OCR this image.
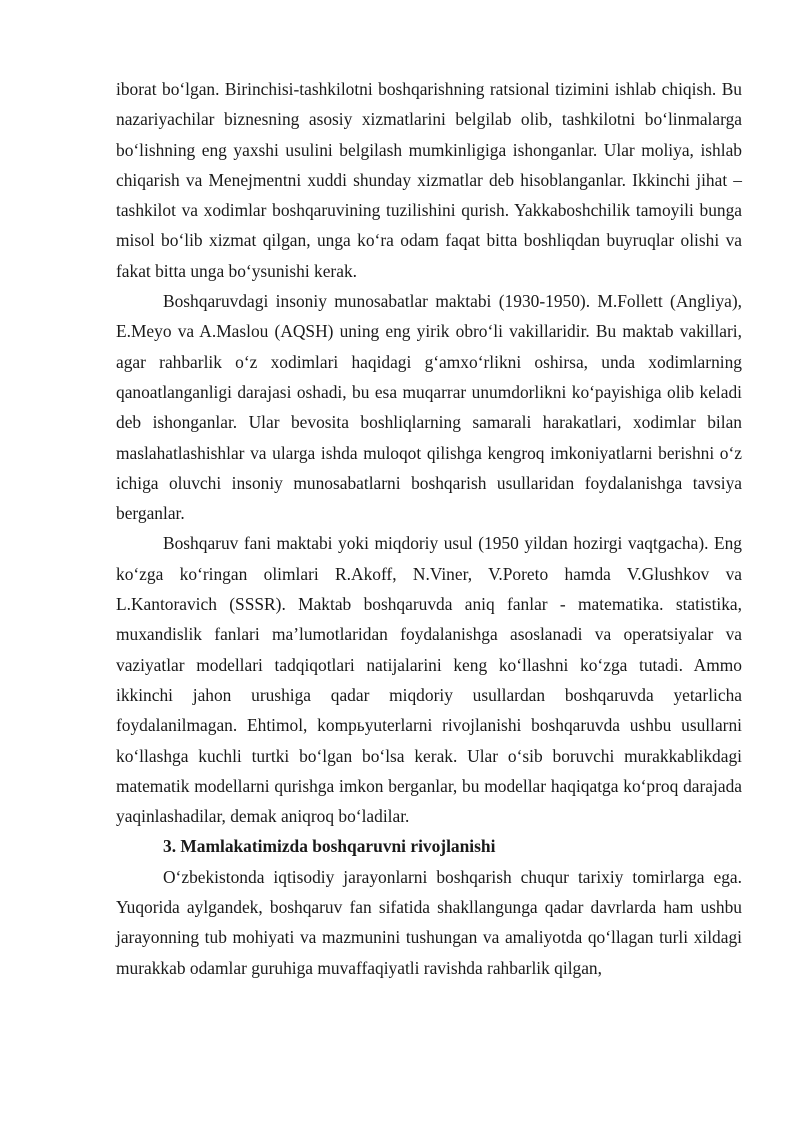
iborat boʻlgan. Birinchisi-tashkilotni boshqarishning ratsional tizimini ishlab chiqish. Bu nazariyachilar biznesning asosiy xizmatlarini belgilab olib, tashkilotni boʻlinmalarga boʻlishning eng yaxshi usulini belgilash mumkinligiga ishonganlar. Ular moliya, ishlab chiqarish va Menejmentni xuddi shunday xizmatlar deb hisoblanganlar. Ikkinchi jihat – tashkilot va xodimlar boshqaruvining tuzilishini qurish. Yakkaboshchilik tamoyili bunga misol boʻlib xizmat qilgan, unga koʻra odam faqat bitta boshliqdan buyruqlar olishi va fakat bitta unga boʻysunishi kerak.

Boshqaruvdagi insoniy munosabatlar maktabi (1930-1950). M.Follett (Angliya), E.Meyo va A.Maslou (AQSH) uning eng yirik obroʻli vakillaridir. Bu maktab vakillari, agar rahbarlik oʻz xodimlari haqidagi gʻamxoʻrlikni oshirsa, unda xodimlarning qanoatlanganligi darajasi oshadi, bu esa muqarrar unumdorlikni koʻpayishiga olib keladi deb ishonganlar. Ular bevosita boshliqlarning samarali harakatlari, xodimlar bilan maslahatlashishlar va ularga ishda muloqot qilishga kengroq imkoniyatlarni berishni oʻz ichiga oluvchi insoniy munosabatlarni boshqarish usullaridan foydalanishga tavsiya berganlar.

Boshqaruv fani maktabi yoki miqdoriy usul (1950 yildan hozirgi vaqtgacha). Eng koʻzga koʻringan olimlari R.Akoff, N.Viner, V.Poreto hamda V.Glushkov va L.Kantoravich (SSSR). Maktab boshqaruvda aniq fanlar - matematika. statistika, muxandislik fanlari maʼlumotlaridan foydalanishga asoslanadi va operatsiyalar va vaziyatlar modellari tadqiqotlari natijalarini keng koʻllashni koʻzga tutadi. Ammo ikkinchi jahon urushiga qadar miqdoriy usullardan boshqaruvda yetarlicha foydalanilmagan. Ehtimol, kompьyuterlarni rivojlanishi boshqaruvda ushbu usullarni koʻllashga kuchli turtki boʻlgan boʻlsa kerak. Ular oʻsib boruvchi murakkablikdagi matematik modellarni qurishga imkon berganlar, bu modellar haqiqatga koʻproq darajada yaqinlashadilar, demak aniqroq boʻladilar.

3. Mamlakatimizda boshqaruvni rivojlanishi

Oʻzbekistonda iqtisodiy jarayonlarni boshqarish chuqur tarixiy tomirlarga ega. Yuqorida aylgandek, boshqaruv fan sifatida shakllangunga qadar davrlarda ham ushbu jarayonning tub mohiyati va mazmunini tushungan va amaliyotda qoʻllagan turli xildagi murakkab odamlar guruhiga muvaffaqiyatli ravishda rahbarlik qilgan,
